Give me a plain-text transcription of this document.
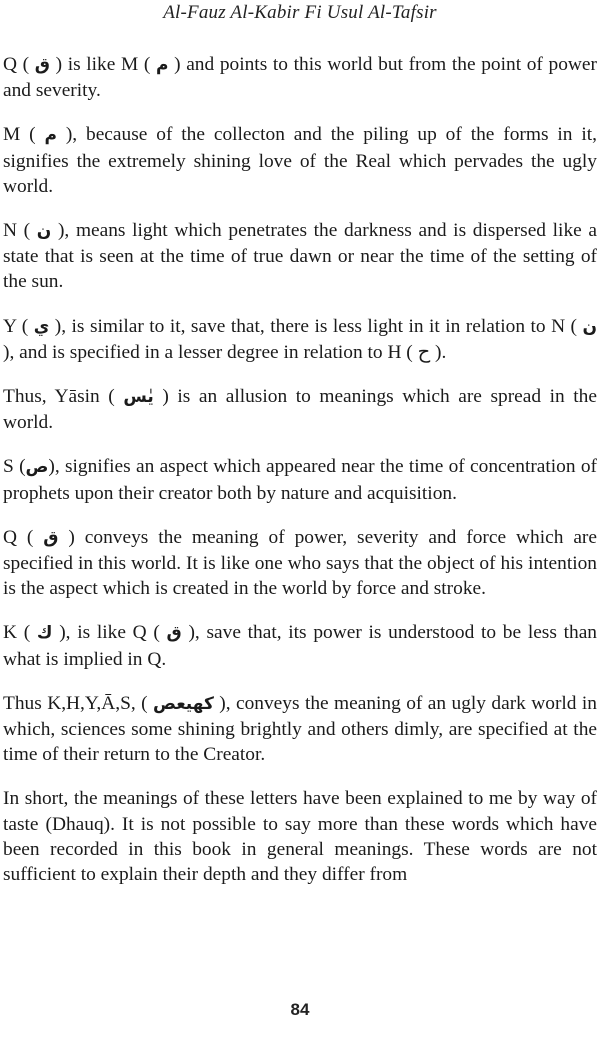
Al-Fauz Al-Kabir Fi Usul Al-Tafsir

Q ( ق ) is like M ( م ) and points to this world but from the point of power and severity.

M ( م ), because of the collecton and the piling up of the forms in it, signifies the extremely shining love of the Real which pervades the ugly world.

N ( ن ), means light which penetrates the darkness and is dispersed like a state that is seen at the time of true dawn or near the time of the setting of the sun.

Y ( ي ), is similar to it, save that, there is less light in it in relation to N ( ن ), and is specified in a lesser degree in relation to H ( ح ).

Thus, Yāsin ( يٰس ) is an allusion to meanings which are spread in the world.

S (ص), signifies an aspect which appeared near the time of concentration of prophets upon their creator both by nature and acquisition.

Q ( ق ) conveys the meaning of power, severity and force which are specified in this world. It is like one who says that the object of his intention is the aspect which is created in the world by force and stroke.

K ( ك ), is like Q ( ق ), save that, its power is understood to be less than what is implied in Q.

Thus K,H,Y,Ā,S, ( كهيعص ), conveys the meaning of an ugly dark world in which, sciences some shining brightly and others dimly, are specified at the time of their return to the Creator.

In short, the meanings of these letters have been explained to me by way of taste (Dhauq). It is not possible to say more than these words which have been recorded in this book in general meanings. These words are not sufficient to explain their depth and they differ from

84
